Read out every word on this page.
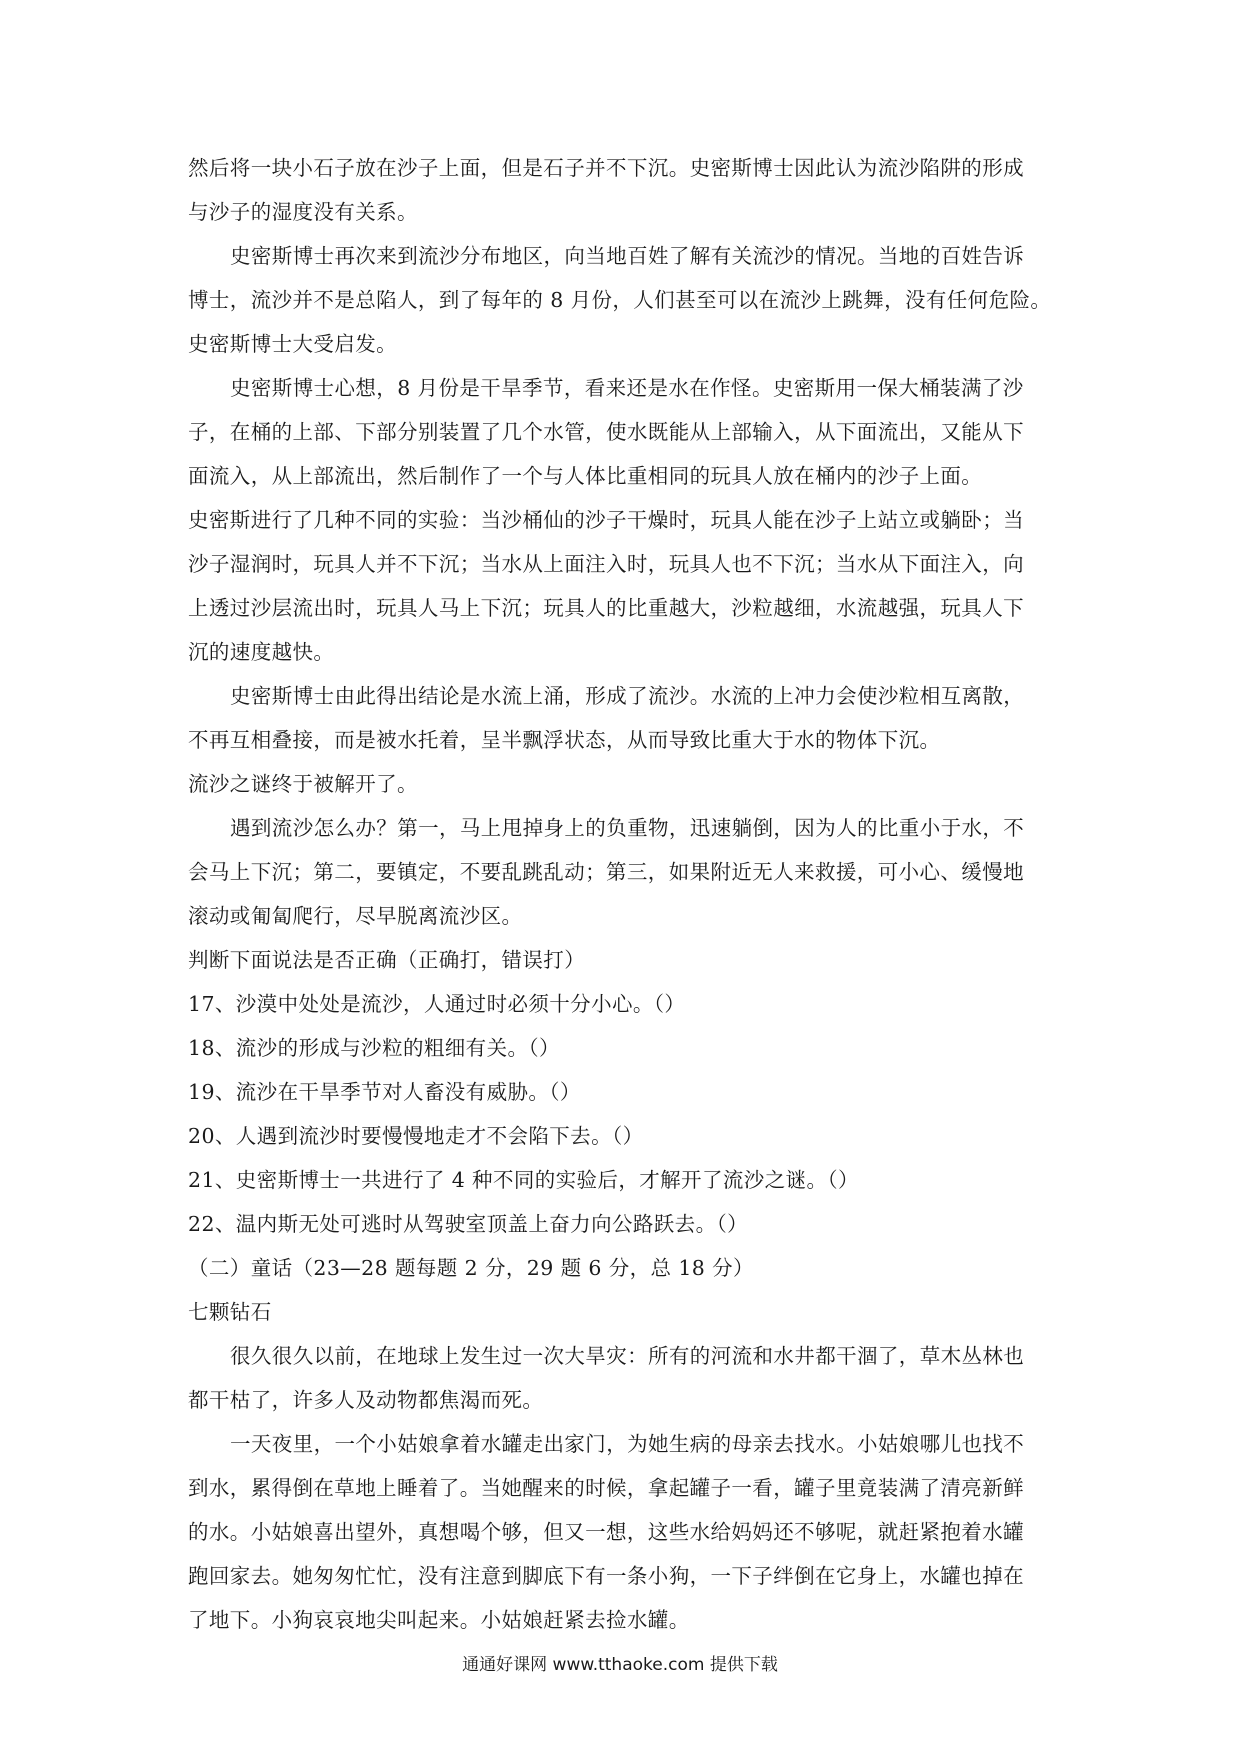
然后将一块小石子放在沙子上面，但是石子并不下沉。史密斯博士因此认为流沙陷阱的形成
与沙子的湿度没有关系。
史密斯博士再次来到流沙分布地区，向当地百姓了解有关流沙的情况。当地的百姓告诉
博士，流沙并不是总陷人，到了每年的 8 月份，人们甚至可以在流沙上跳舞，没有任何危险。
史密斯博士大受启发。
史密斯博士心想，8 月份是干旱季节，看来还是水在作怪。史密斯用一保大桶装满了沙
子，在桶的上部、下部分别装置了几个水管，使水既能从上部输入，从下面流出，又能从下
面流入，从上部流出，然后制作了一个与人体比重相同的玩具人放在桶内的沙子上面。
史密斯进行了几种不同的实验：当沙桶仙的沙子干燥时，玩具人能在沙子上站立或躺卧；当
沙子湿润时，玩具人并不下沉；当水从上面注入时，玩具人也不下沉；当水从下面注入，向
上透过沙层流出时，玩具人马上下沉；玩具人的比重越大，沙粒越细，水流越强，玩具人下
沉的速度越快。
史密斯博士由此得出结论是水流上涌，形成了流沙。水流的上冲力会使沙粒相互离散，
不再互相叠接，而是被水托着，呈半飘浮状态，从而导致比重大于水的物体下沉。
流沙之谜终于被解开了。
遇到流沙怎么办？第一，马上甩掉身上的负重物，迅速躺倒，因为人的比重小于水，不
会马上下沉；第二，要镇定，不要乱跳乱动；第三，如果附近无人来救援，可小心、缓慢地
滚动或匍匐爬行，尽早脱离流沙区。
判断下面说法是否正确（正确打，错误打）
17、沙漠中处处是流沙，人通过时必须十分小心。（）
18、流沙的形成与沙粒的粗细有关。（）
19、流沙在干旱季节对人畜没有威胁。（）
20、人遇到流沙时要慢慢地走才不会陷下去。（）
21、史密斯博士一共进行了 4 种不同的实验后，才解开了流沙之谜。（）
22、温内斯无处可逃时从驾驶室顶盖上奋力向公路跃去。（）
（二）童话（23—28 题每题 2 分，29 题 6 分，总 18 分）
七颗钻石
很久很久以前，在地球上发生过一次大旱灾：所有的河流和水井都干涸了，草木丛林也
都干枯了，许多人及动物都焦渴而死。
一天夜里，一个小姑娘拿着水罐走出家门，为她生病的母亲去找水。小姑娘哪儿也找不
到水，累得倒在草地上睡着了。当她醒来的时候，拿起罐子一看，罐子里竟装满了清亮新鲜
的水。小姑娘喜出望外，真想喝个够，但又一想，这些水给妈妈还不够呢，就赶紧抱着水罐
跑回家去。她匆匆忙忙，没有注意到脚底下有一条小狗，一下子绊倒在它身上，水罐也掉在
了地下。小狗哀哀地尖叫起来。小姑娘赶紧去捡水罐。
通通好课网 www.tthaoke.com 提供下载
